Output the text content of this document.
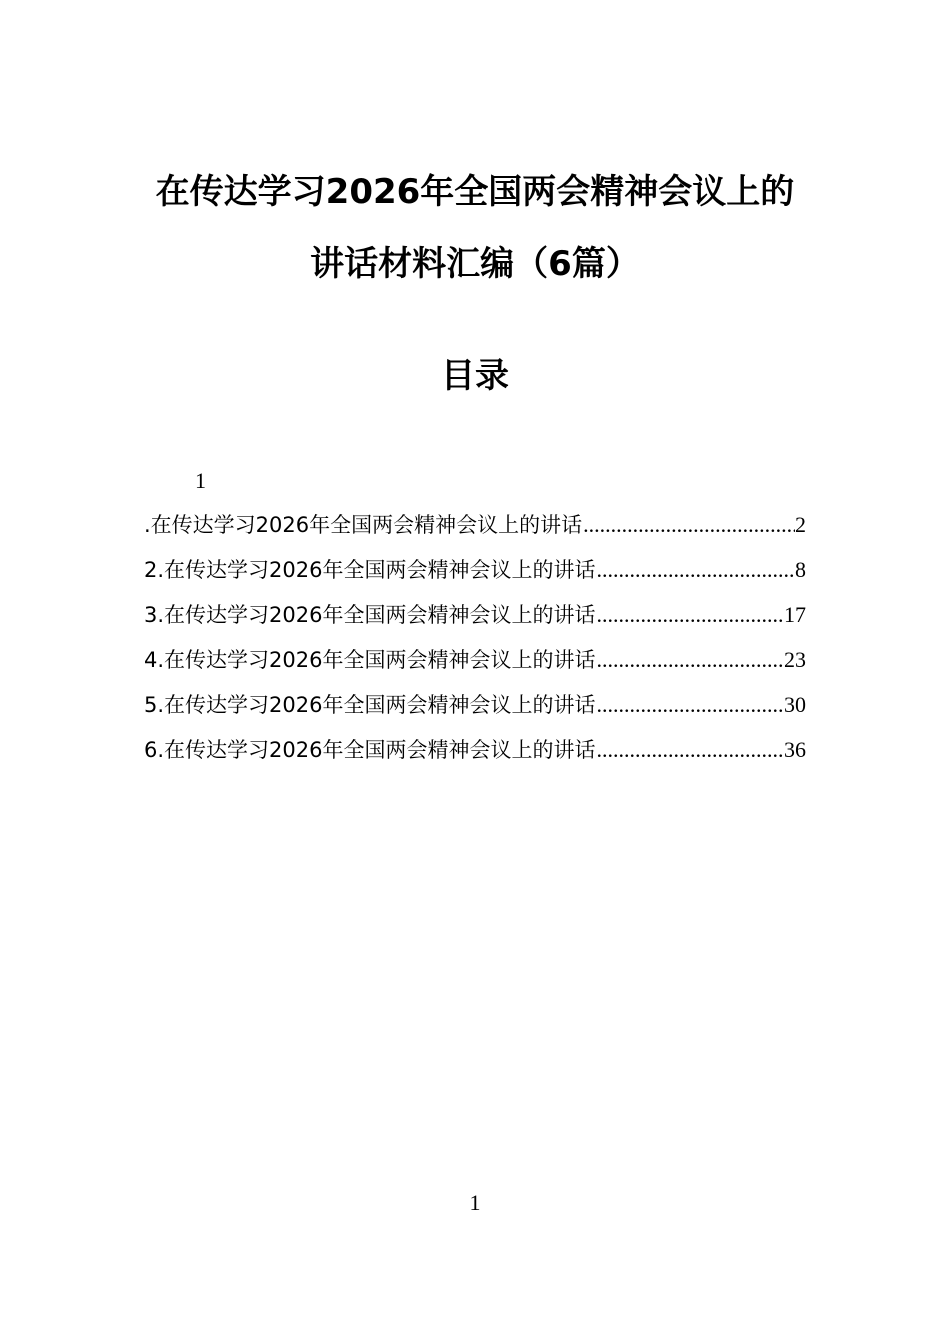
在传达学习2026年全国两会精神会议上的
讲话材料汇编（6篇）
目录
1
.在传达学习2026年全国两会精神会议上的讲话 .....	2
2.在传达学习2026年全国两会精神会议上的讲话 .....	8
3.在传达学习2026年全国两会精神会议上的讲话 .....	17
4.在传达学习2026年全国两会精神会议上的讲话 .....	23
5.在传达学习2026年全国两会精神会议上的讲话 .....	30
6.在传达学习2026年全国两会精神会议上的讲话 .....	36
1
